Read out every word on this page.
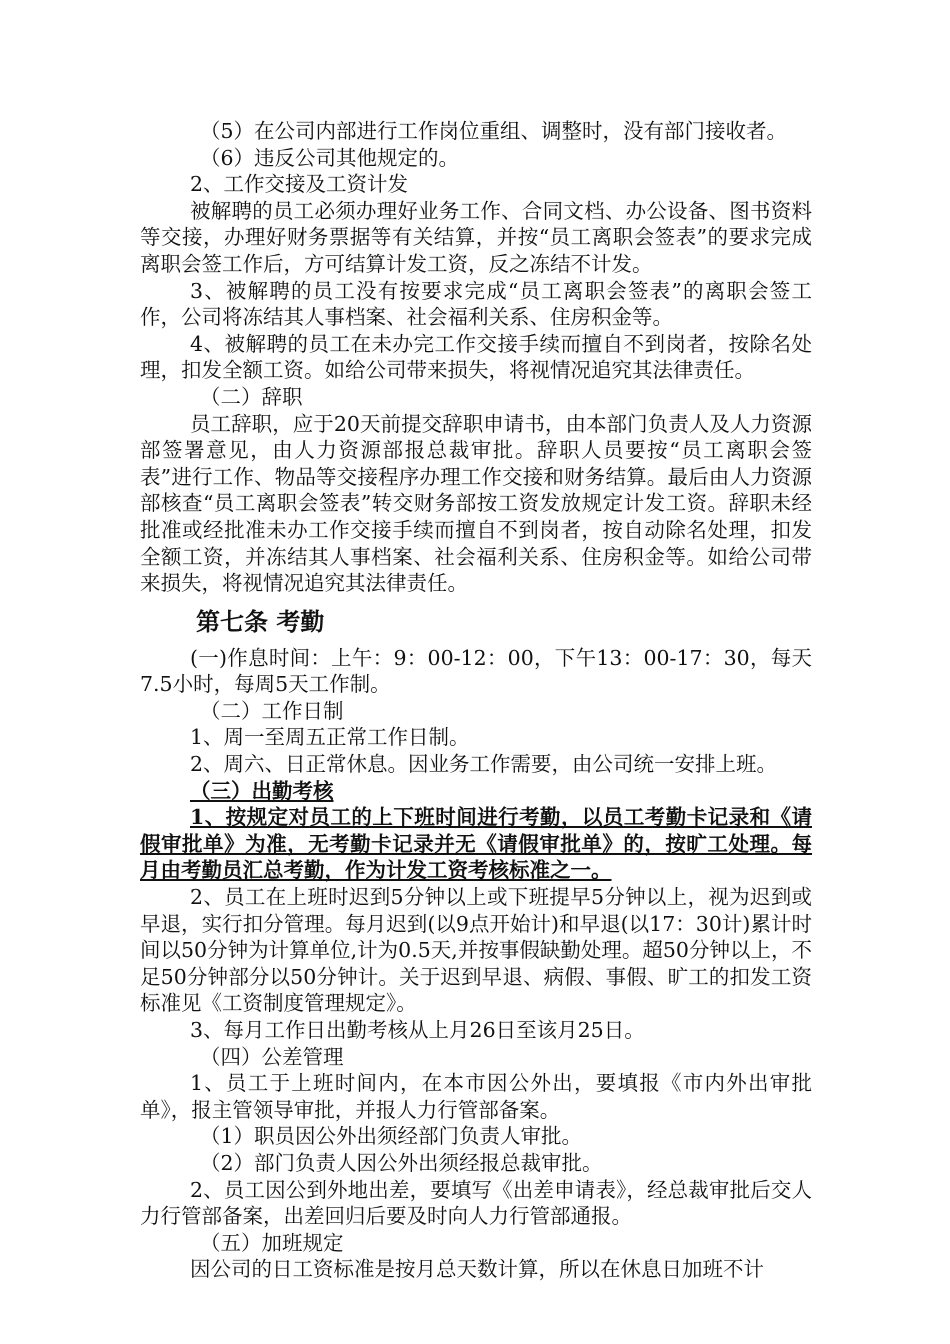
（5）在公司内部进行工作岗位重组、调整时，没有部门接收者。

（6）违反公司其他规定的。

2、工作交接及工资计发

被解聘的员工必须办理好业务工作、合同文档、办公设备、图书资料等交接，办理好财务票据等有关结算，并按“员工离职会签表”的要求完成离职会签工作后，方可结算计发工资，反之冻结不计发。

3、被解聘的员工没有按要求完成“员工离职会签表”的离职会签工作，公司将冻结其人事档案、社会福利关系、住房积金等。

4、被解聘的员工在未办完工作交接手续而擅自不到岗者，按除名处理，扣发全额工资。如给公司带来损失，将视情况追究其法律责任。

（二）辞职

员工辞职，应于20天前提交辞职申请书，由本部门负责人及人力资源部签署意见，由人力资源部报总裁审批。辞职人员要按“员工离职会签表”进行工作、物品等交接程序办理工作交接和财务结算。最后由人力资源部核查“员工离职会签表”转交财务部按工资发放规定计发工资。辞职未经批准或经批准未办工作交接手续而擅自不到岗者，按自动除名处理，扣发全额工资，并冻结其人事档案、社会福利关系、住房积金等。如给公司带来损失，将视情况追究其法律责任。

第七条 考勤

(一)作息时间：上午：9：00-12：00，下午13：00-17：30，每天7.5小时，每周5天工作制。

（二）工作日制

1、周一至周五正常工作日制。

2、周六、日正常休息。因业务工作需要，由公司统一安排上班。

（三）出勤考核

1、按规定对员工的上下班时间进行考勤，以员工考勤卡记录和《请假审批单》为准，无考勤卡记录并无《请假审批单》的，按旷工处理。每月由考勤员汇总考勤，作为计发工资考核标准之一。

2、员工在上班时迟到5分钟以上或下班提早5分钟以上，视为迟到或早退，实行扣分管理。每月迟到(以9点开始计)和早退(以17：30计)累计时间以50分钟为计算单位,计为0.5天,并按事假缺勤处理。超50分钟以上，不足50分钟部分以50分钟计。关于迟到早退、病假、事假、旷工的扣发工资标准见《工资制度管理规定》。

3、每月工作日出勤考核从上月26日至该月25日。

（四）公差管理

1、员工于上班时间内，在本市因公外出，要填报《市内外出审批单》，报主管领导审批，并报人力行管部备案。

（1）职员因公外出须经部门负责人审批。

（2）部门负责人因公外出须经报总裁审批。

2、员工因公到外地出差，要填写《出差申请表》，经总裁审批后交人力行管部备案，出差回归后要及时向人力行管部通报。

（五）加班规定

因公司的日工资标准是按月总天数计算，所以在休息日加班不计
